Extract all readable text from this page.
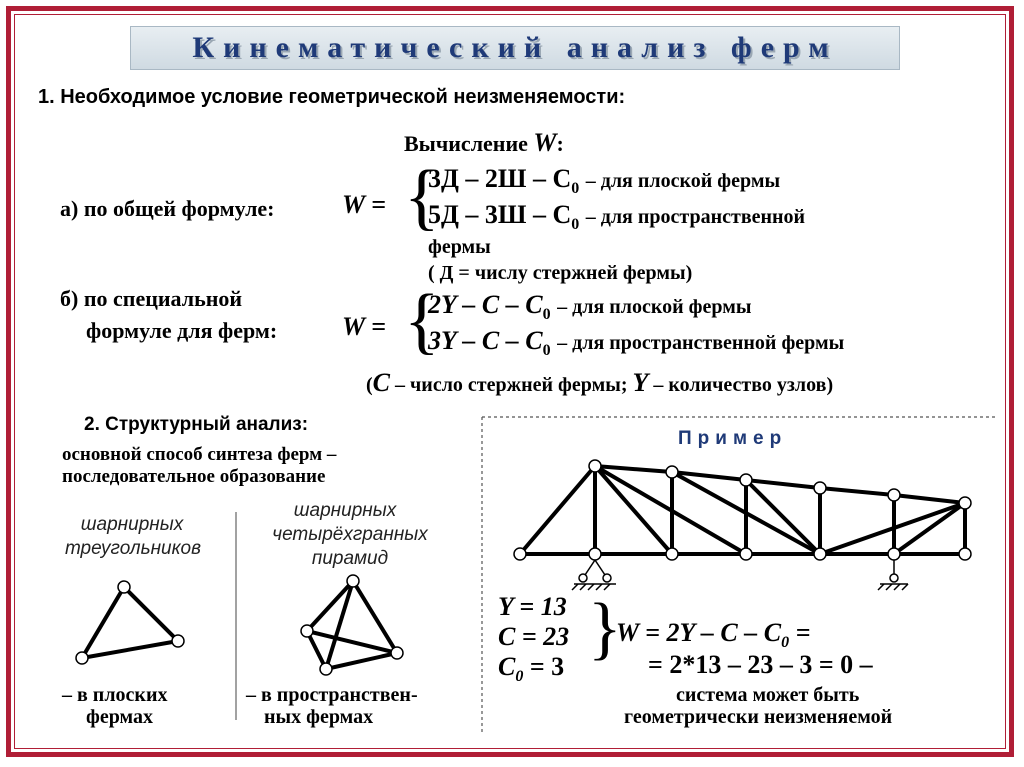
Кинематический анализ ферм
1. Необходимое условие геометрической неизменяемости:
Вычисление W:
а) по общей формуле:	W = {
$3Д - 2Ш - C_0$ – для плоской фермы
$5Д - 3Ш - C_0$ – для пространственной
фермы
( Д = числу стержней фермы)
б) по специальной
формуле для ферм: W = {
2Y – C – $C_0$ – для плоской фермы
3Y – C – $C_0$ – для пространственной фермы
(C – число стержней фермы; Y – количество узлов)
2. Структурный анализ:
основной способ синтеза ферм –
последовательное образование
шарнирных
треугольников
шарнирных
четырёхгранных
пирамид
Пример
Y = 13
C = 23
$C_0 = 3$ {
$W = 2Y - C - C_0$ =
= 2*13 – 23 – 3 = 0 –
система может быть
геометрически неизменяемой
– в плоских
фермах
– в пространствен-
ных фермах
